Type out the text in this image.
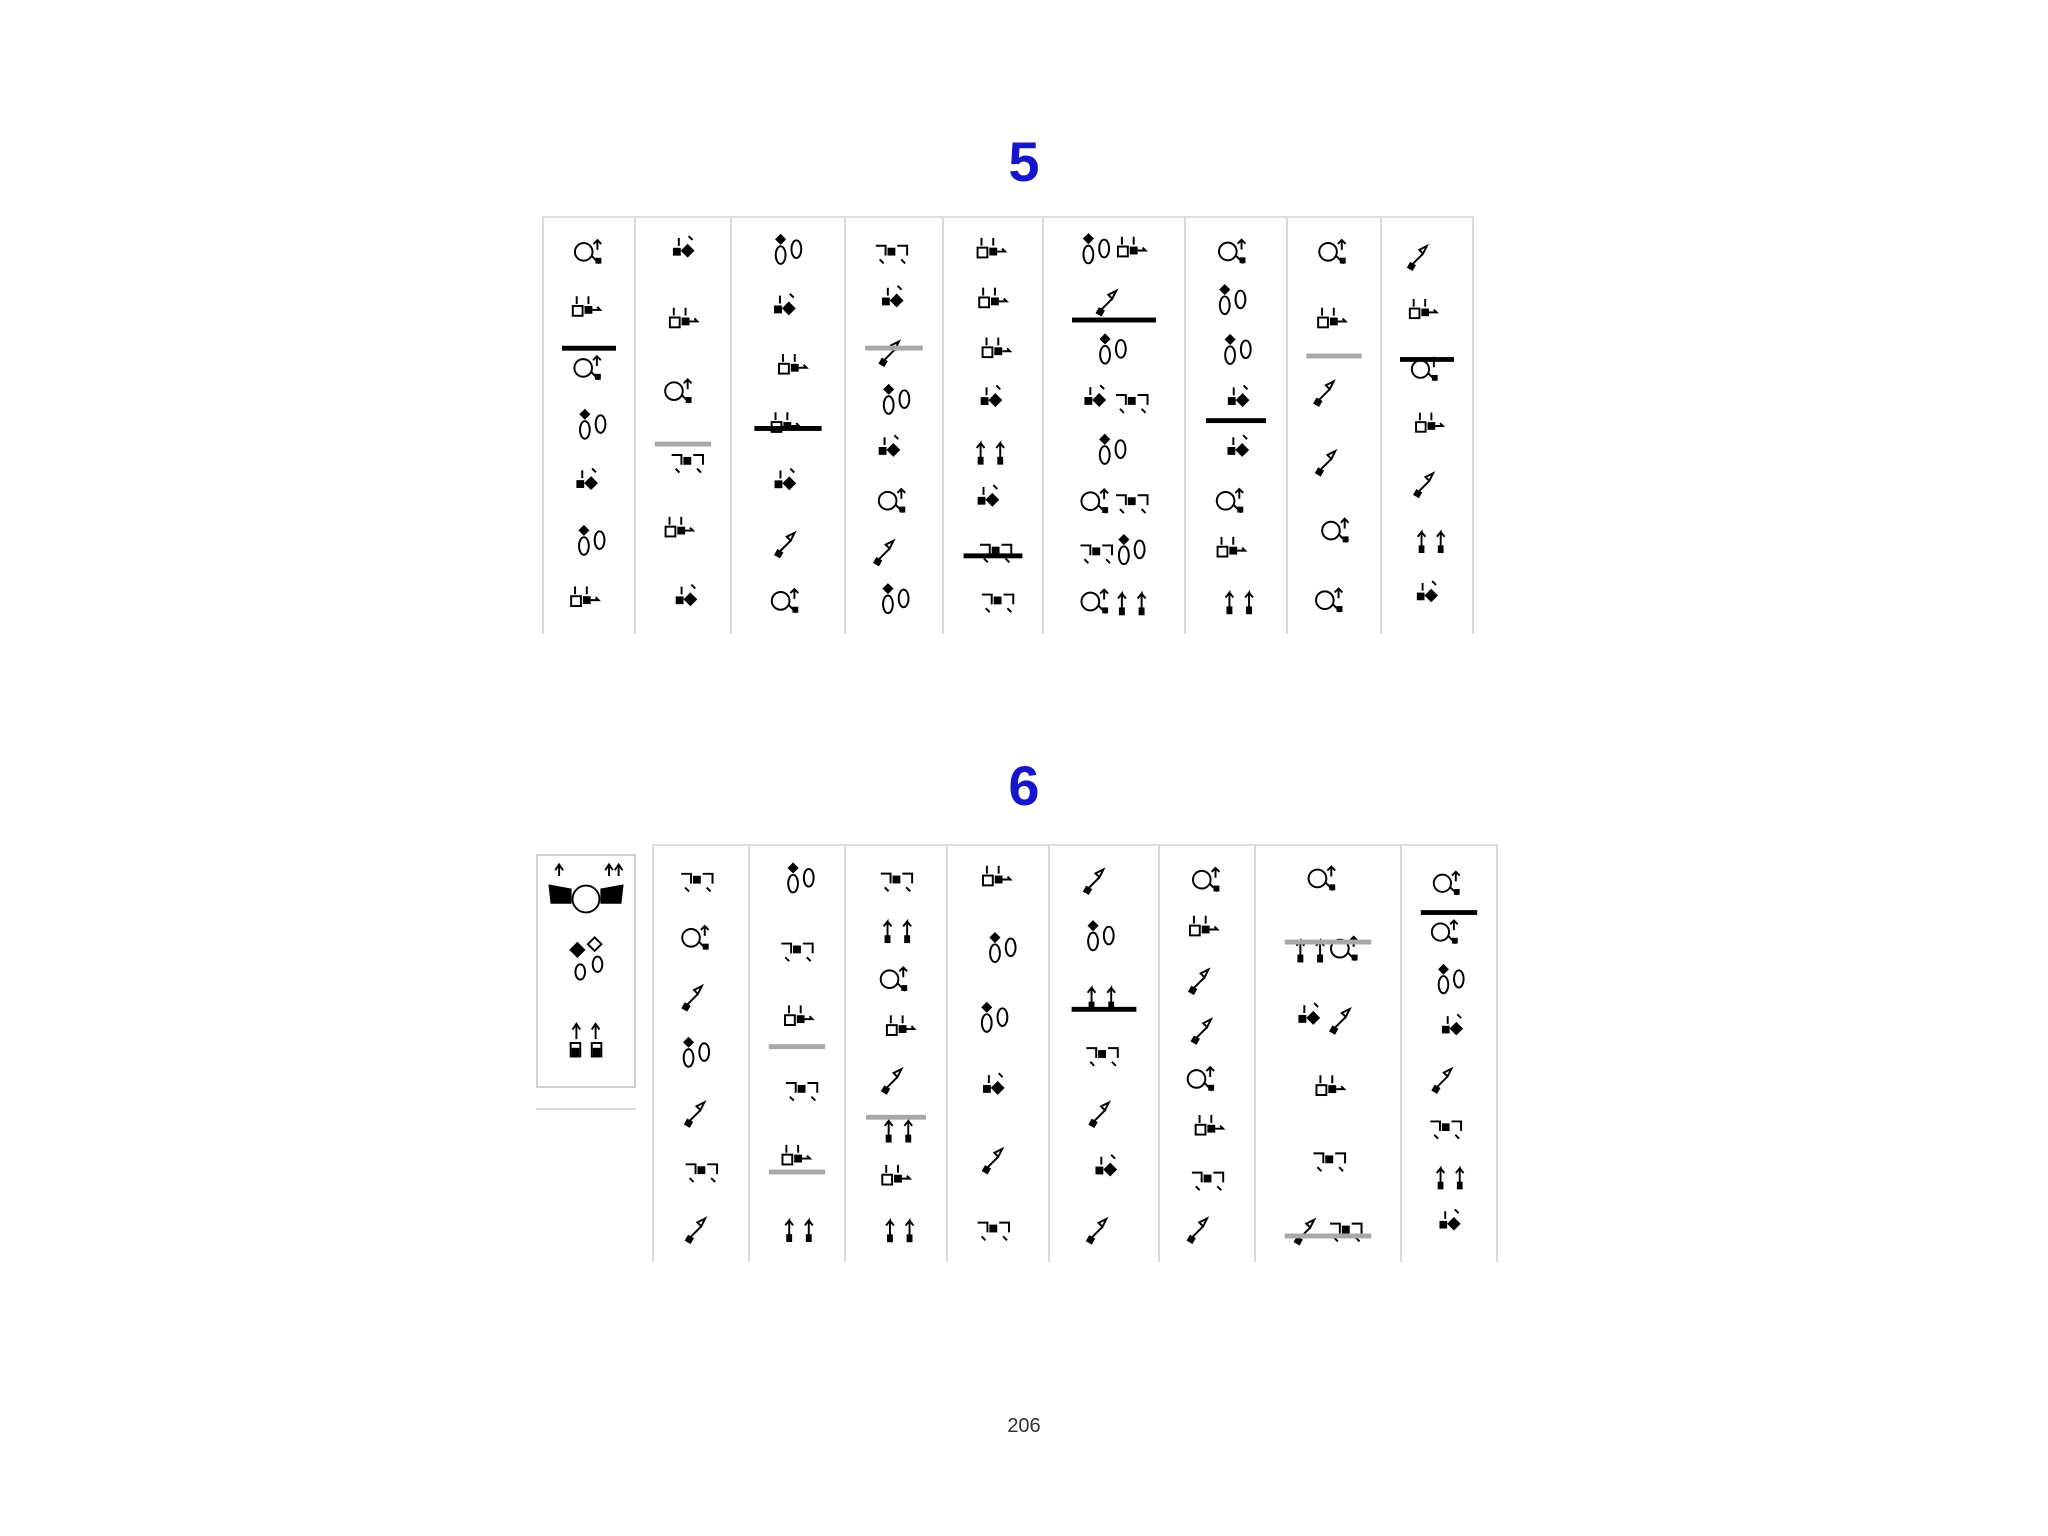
5
6
206
